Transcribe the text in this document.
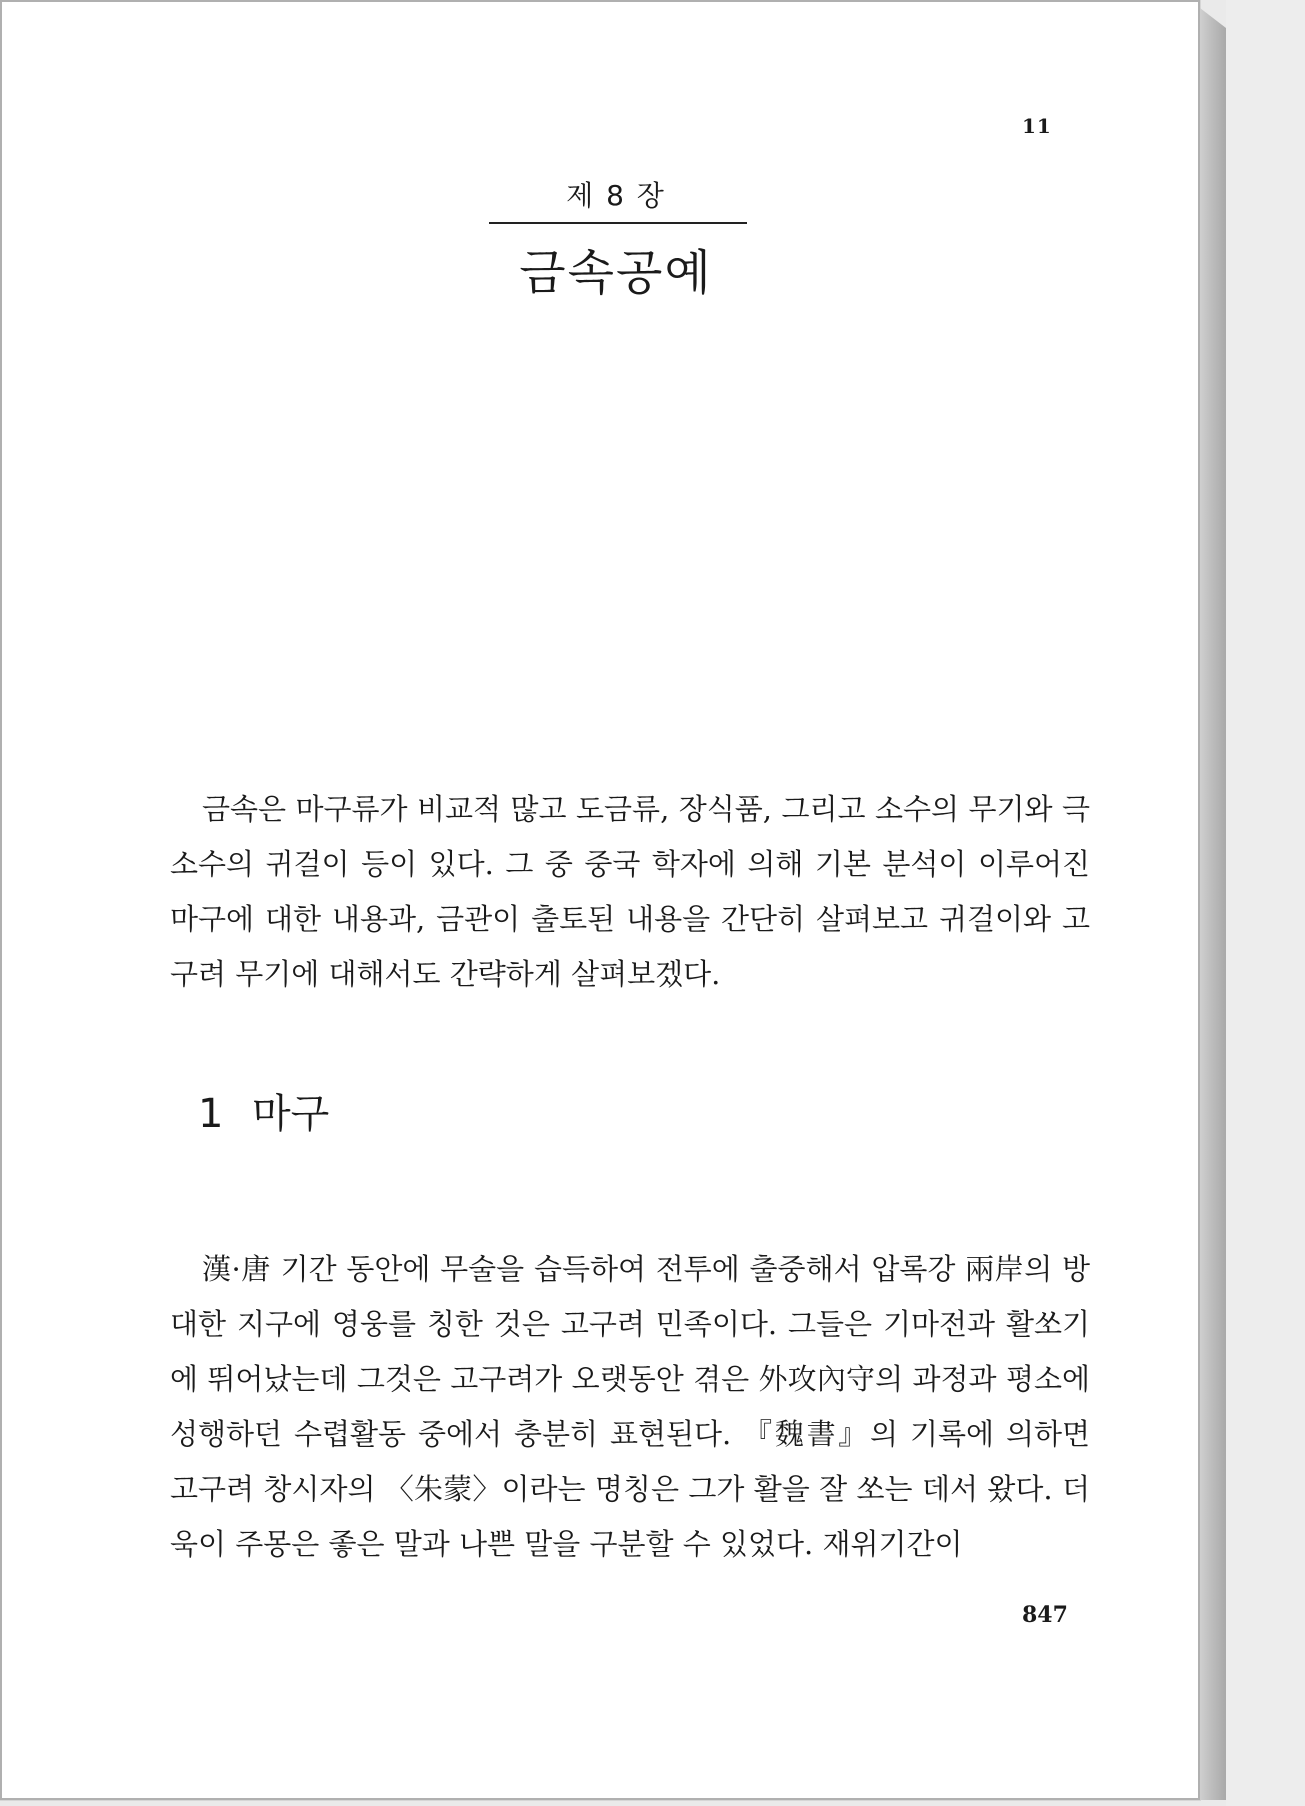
11
제 8 장
금속공예

금속은 마구류가 비교적 많고 도금류, 장식품, 그리고 소수의 무기와 극소수의 귀걸이 등이 있다. 그 중 중국 학자에 의해 기본 분석이 이루어진 마구에 대한 내용과, 금관이 출토된 내용을 간단히 살펴보고 귀걸이와 고구려 무기에 대해서도 간략하게 살펴보겠다.

1 마구

漢·唐 기간 동안에 무술을 습득하여 전투에 출중해서 압록강 兩岸의 방대한 지구에 영웅를 칭한 것은 고구려 민족이다. 그들은 기마전과 활쏘기에 뛰어났는데 그것은 고구려가 오랫동안 겪은 外攻內守의 과정과 평소에 성행하던 수렵활동 중에서 충분히 표현된다. 『魏書』의 기록에 의하면 고구려 창시자의 〈朱蒙〉이라는 명칭은 그가 활을 잘 쏘는 데서 왔다. 더욱이 주몽은 좋은 말과 나쁜 말을 구분할 수 있었다. 재위기간이

847
